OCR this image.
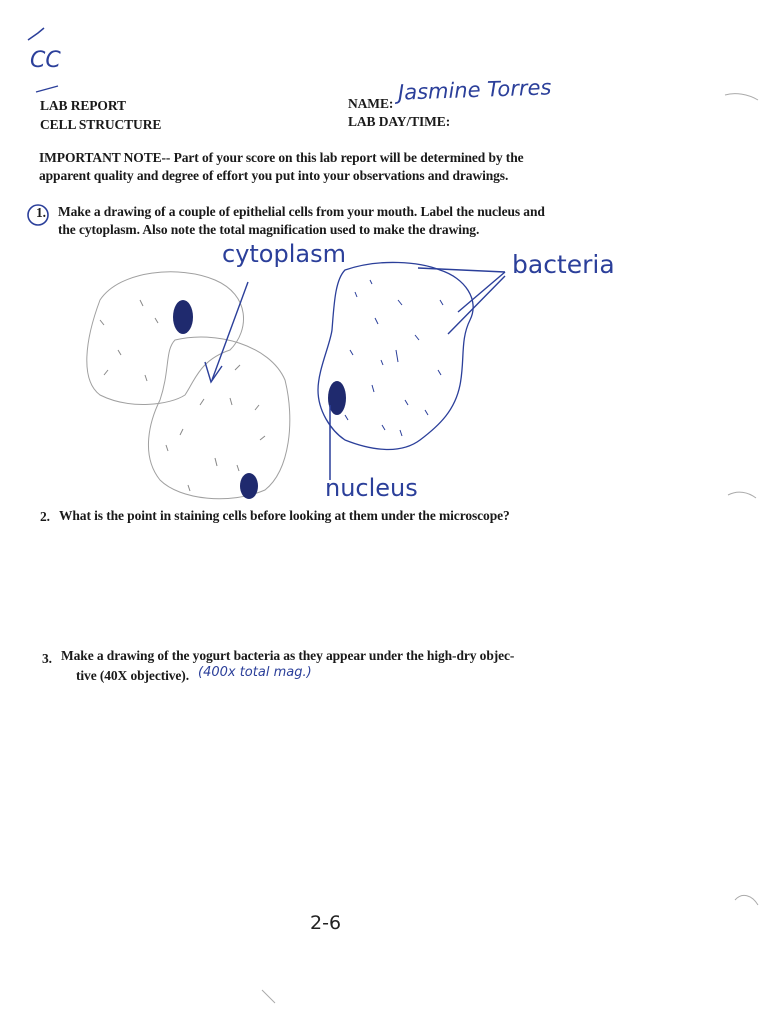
CC
LAB REPORT
CELL STRUCTURE
NAME: Jasmine Torres
LAB DAY/TIME:
IMPORTANT NOTE-- Part of your score on this lab report will be determined by the
apparent quality and degree of effort you put into your observations and drawings.
1. Make a drawing of a couple of epithelial cells from your mouth. Label the nucleus and
the cytoplasm. Also note the total magnification used to make the drawing.
cytoplasm	bacteria
nucleus
2. What is the point in staining cells before looking at them under the microscope?
3. Make a drawing of the yogurt bacteria as they appear under the high-dry objec-
tive (40X objective). (400x total mag.)
2-6
